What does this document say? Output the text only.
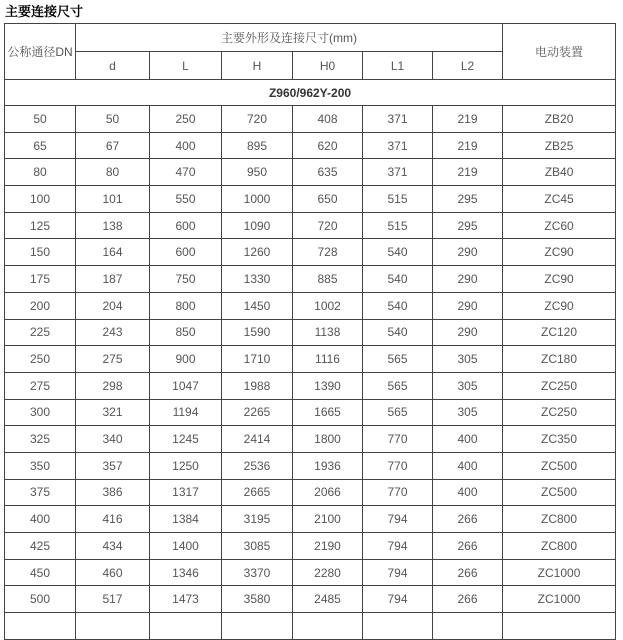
主要连接尺寸
公称通径DN	主要外形及连接尺寸(mm)						电动装置
	d	L	H	H0	L1	L2	
Z960/962Y-200							
50	50	250	720	408	371	219	ZB20
65	67	400	895	620	371	219	ZB25
80	80	470	950	635	371	219	ZB40
100	101	550	1000	650	515	295	ZC45
125	138	600	1090	720	515	295	ZC60
150	164	600	1260	728	540	290	ZC90
175	187	750	1330	885	540	290	ZC90
200	204	800	1450	1002	540	290	ZC90
225	243	850	1590	1138	540	290	ZC120
250	275	900	1710	1116	565	305	ZC180
275	298	1047	1988	1390	565	305	ZC250
300	321	1194	2265	1665	565	305	ZC250
325	340	1245	2414	1800	770	400	ZC350
350	357	1250	2536	1936	770	400	ZC500
375	386	1317	2665	2066	770	400	ZC500
400	416	1384	3195	2100	794	266	ZC800
425	434	1400	3085	2190	794	266	ZC800
450	460	1346	3370	2280	794	266	ZC1000
500	517	1473	3580	2485	794	266	ZC1000
